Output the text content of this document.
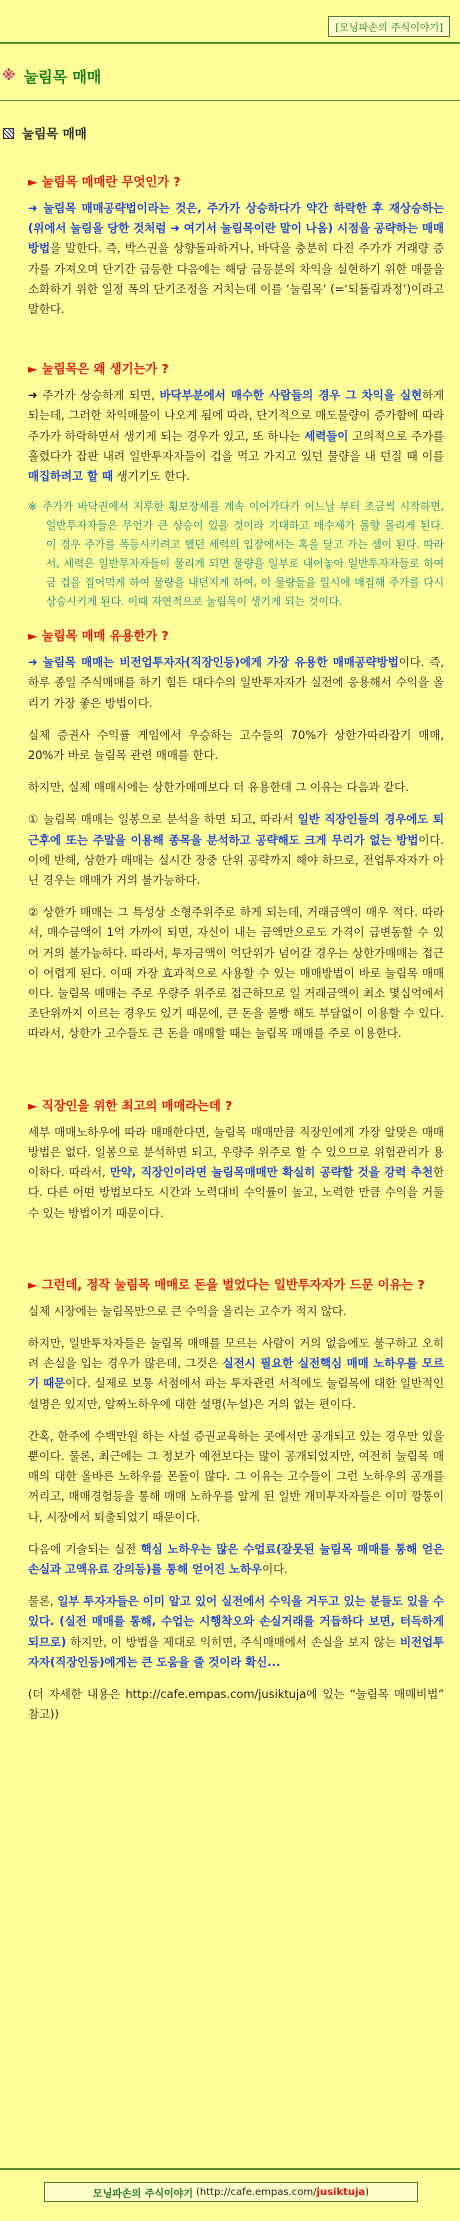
[모닝파손의 주식이야기]
※ 눌림목 매매
눌림목 매매
► 눌림목 매매란 무엇인가 ?

➜ 눌림목 매매공략법이라는 것은, 주가가 상승하다가 약간 하락한 후 재상승하는(위에서 눌림을 당한 것처럼 ➜ 여기서 눌림목이란 말이 나옴) 시점을 공략하는 매매방법을 말한다. 즉, 박스권을 상향돌파하거나, 바닥을 충분히 다진 주가가 거래량 증가를 가져오며 단기간 급등한 다음에는 해당 급등분의 차익을 실현하기 위한 매물을 소화하기 위한 일정 폭의 단기조정을 거치는데 이를 ‘눌림목’ (=‘되돌림과정’)이라고 말한다.

► 눌림목은 왜 생기는가 ?

➜ 주가가 상승하게 되면, 바닥부분에서 매수한 사람들의 경우 그 차익을 실현하게 되는데, 그러한 차익매물이 나오게 됨에 따라, 단기적으로 매도물량이 증가함에 따라 주가가 하락하면서 생기게 되는 경우가 있고, 또 하나는 세력들이 고의적으로 주가를 흘렸다가 잡판 내려 일반투자자들이 겁을 먹고 가지고 있던 물량을 내 던질 때 이를 매집하려고 할 때 생기기도 한다.

※ 주가가 바닥권에서 지루한 횡보장세를 계속 이어가다가 어느날 부터 조금씩 시작하면, 일반투자자들은 무언가 큰 상승이 있을 것이라 기대하고 매수세가 몰향 몰리게 된다. 이 경우 주가를 폭등시키려고 했던 세력의 입장에서는 혹을 달고 가는 셈이 된다. 따라서, 세력은 일반투자자들이 물리게 되면 물량을 일부로 내어놓아 일반투자자들로 하여금 겁을 집어먹게 하여 물량을 내던지게 하여, 이 물량들을 일시에 매집해 주가를 다시 상승시키게 된다. 이때 자연적으로 눌림목이 생기게 되는 것이다.
► 눌림목 매매 유용한가 ?

➜ 눌림목 매매는 비전업투자자(직장인등)에게 가장 유용한 매매공략방법이다. 즉, 하루 종일 주식매매를 하기 힘든 대다수의 일반투자자가 실전에 응용해서 수익을 올리기 가장 좋은 방법이다.

실제 증권사 수익률 게임에서 우승하는 고수들의 70%가 상한가따라잡기 매매, 20%가 바로 눌림목 관련 매매를 한다.

하지만, 실제 매매시에는 상한가매매보다 더 유용한데 그 이유는 다음과 같다.

① 눌림목 매매는 일봉으로 분석을 하면 되고, 따라서 일반 직장인들의 경우에도 퇴근후에 또는 주말을 이용해 종목을 분석하고 공략해도 크게 무리가 없는 방법이다. 이에 반해, 상한가 매매는 실시간 장중 단위 공략까지 해야 하므로, 전업투자자가 아닌 경우는 매매가 거의 불가능하다.

② 상한가 매매는 그 특성상 소형주위주로 하게 되는데, 거래금액이 매우 적다. 따라서, 매수금액이 1억 가까이 되면, 자신이 내는 금액만으로도 가격이 급변동할 수 있어 거의 불가능하다. 따라서, 투자금액이 억단위가 넘어갈 경우는 상한가매매는 접근이 어렵게 된다. 이때 가장 효과적으로 사용할 수 있는 매매방법이 바로 눌림목 매매이다. 눌림목 매매는 주로 우량주 위주로 접근하므로 일 거래금액이 최소 몇십억에서 조단위까지 이르는 경우도 있기 때문에, 큰 돈을 몰빵 해도 부담없이 이용할 수 있다. 따라서, 상한가 고수들도 큰 돈을 매매할 때는 눌림목 매매를 주로 이용한다.

► 직장인을 위한 최고의 매매라는데 ?

세부 매매노하우에 따라 매매한다면, 눌림목 매매만큼 직장인에게 가장 알맞은 매매방법은 없다. 일봉으로 분석하면 되고, 우량주 위주로 할 수 있으므로 위험관리가 용이하다. 따라서, 만약, 직장인이라면 눌림목매매만 확실히 공략할 것을 강력 추천한다. 다른 어떤 방법보다도 시간과 노력대비 수익률이 높고, 노력한 만큼 수익을 거둘 수 있는 방법이기 때문이다.

► 그런데, 정작 눌림목 매매로 돈을 벌었다는 일반투자자가 드문 이유는 ?

실제 시장에는 눌림목만으로 큰 수익을 올리는 고수가 적지 않다.

하지만, 일반투자자들은 눌림목 매매를 모르는 사람이 거의 없음에도 불구하고 오히려 손실을 입는 경우가 많은데, 그것은 실전시 필요한 실전핵심 매매 노하우를 모르기 때문이다. 실제로 보통 서점에서 파는 투자관련 서적에도 눌림목에 대한 일반적인 설명은 있지만, 알짜노하우에 대한 설명(누설)은 거의 없는 편이다.

간혹, 한주에 수백만원 하는 사설 증권교육하는 곳에서만 공개되고 있는 경우만 있을 뿐이다. 물론, 최근에는 그 정보가 예전보다는 많이 공개되었지만, 여전히 눌림목 매매의 대한 올바른 노하우를 몬돌이 많다. 그 이유는 고수들이 그런 노하우의 공개를 꺼리고, 매매경험등을 통해 매매 노하우를 알게 된 일반 개미투자자들은 이미 깡통이 나, 시장에서 퇴출되었기 때문이다.

다음에 기술되는 실전 핵심 노하우는 많은 수업료(잘못된 눌림목 매매를 통해 얻은 손실과 고액유료 강의등)를 통해 얻어진 노하우이다.

물론, 일부 투자자들은 이미 알고 있어 실전에서 수익을 거두고 있는 분들도 있을 수 있다. (실전 매매를 통해, 수업는 시행착오와 손실거래를 거듭하다 보면, 터득하게 되므로) 하지만, 이 방법을 제대로 익히면, 주식매매에서 손실을 보지 않는 비전업투자자(직장인등)에게는 큰 도움을 줄 것이라 확신...

(더 자세한 내용은 http://cafe.empas.com/jusiktuja에 있는 “눌림목 매매비법” 참고))

모닝파손의 주식이야기 (http://cafe.empas.com/ jusiktuja )
